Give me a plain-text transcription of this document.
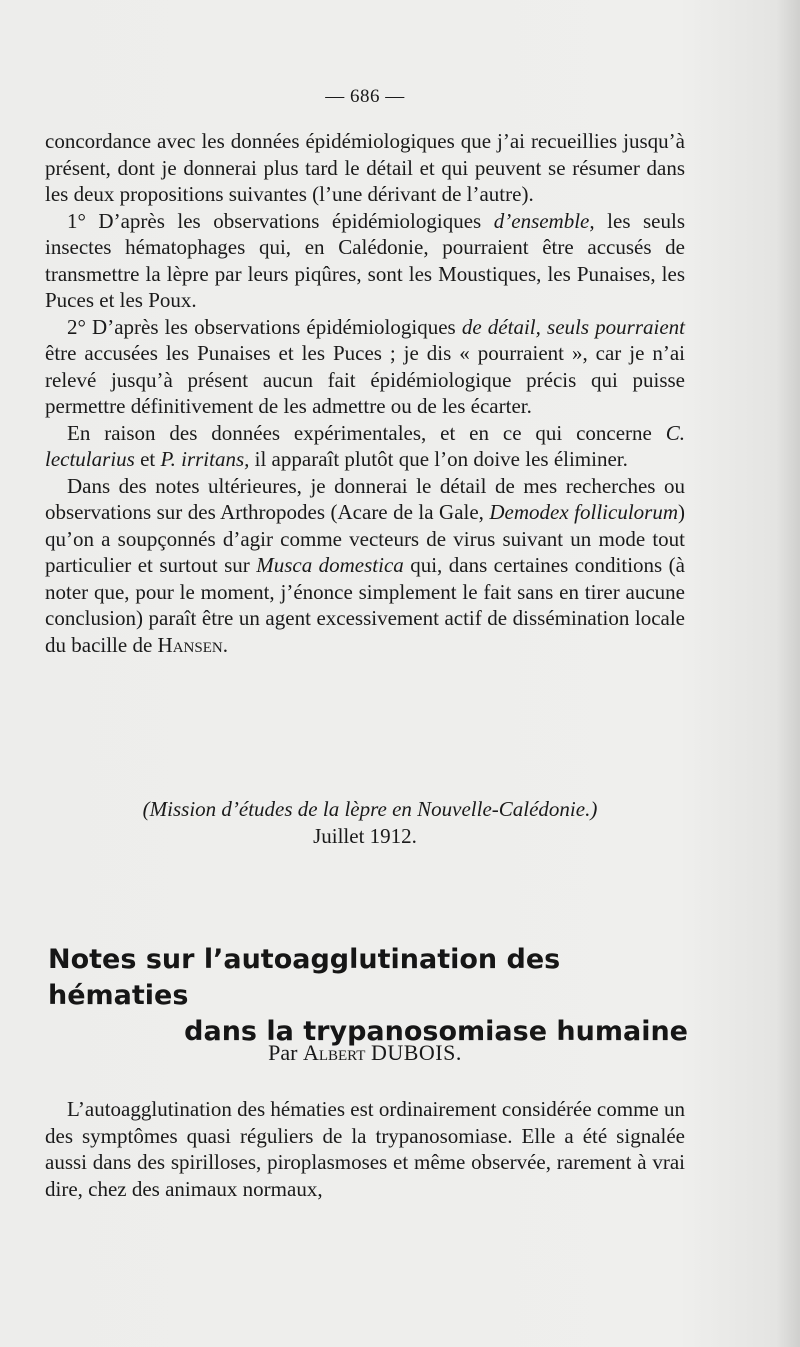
— 686 —

concordance avec les données épidémiologiques que j’ai recueillies jusqu’à présent, dont je donnerai plus tard le détail et qui peuvent se résumer dans les deux propositions suivantes (l’une dérivant de l’autre).

1° D’après les observations épidémiologiques d’ensemble, les seuls insectes hématophages qui, en Calédonie, pourraient être accusés de transmettre la lèpre par leurs piqûres, sont les Moustiques, les Punaises, les Puces et les Poux.

2° D’après les observations épidémiologiques de détail, seuls pourraient être accusées les Punaises et les Puces ; je dis « pourraient », car je n’ai relevé jusqu’à présent aucun fait épidémiologique précis qui puisse permettre définitivement de les admettre ou de les écarter.

En raison des données expérimentales, et en ce qui concerne C. lectularius et P. irritans, il apparaît plutôt que l’on doive les éliminer.

Dans des notes ultérieures, je donnerai le détail de mes recherches ou observations sur des Arthropodes (Acare de la Gale, Demodex folliculorum) qu’on a soupçonnés d’agir comme vecteurs de virus suivant un mode tout particulier et surtout sur Musca domestica qui, dans certaines conditions (à noter que, pour le moment, j’énonce simplement le fait sans en tirer aucune conclusion) paraît être un agent excessivement actif de dissémination locale du bacille de Hansen.

(Mission d’études de la lèpre en Nouvelle-Calédonie.)
Juillet 1912.
Notes sur l’autoagglutination des hématies
dans la trypanosomiase humaine
Par Albert DUBOIS.

L’autoagglutination des hématies est ordinairement considérée comme un des symptômes quasi réguliers de la trypanosomiase. Elle a été signalée aussi dans des spirilloses, piroplasmoses et même observée, rarement à vrai dire, chez des animaux normaux,
